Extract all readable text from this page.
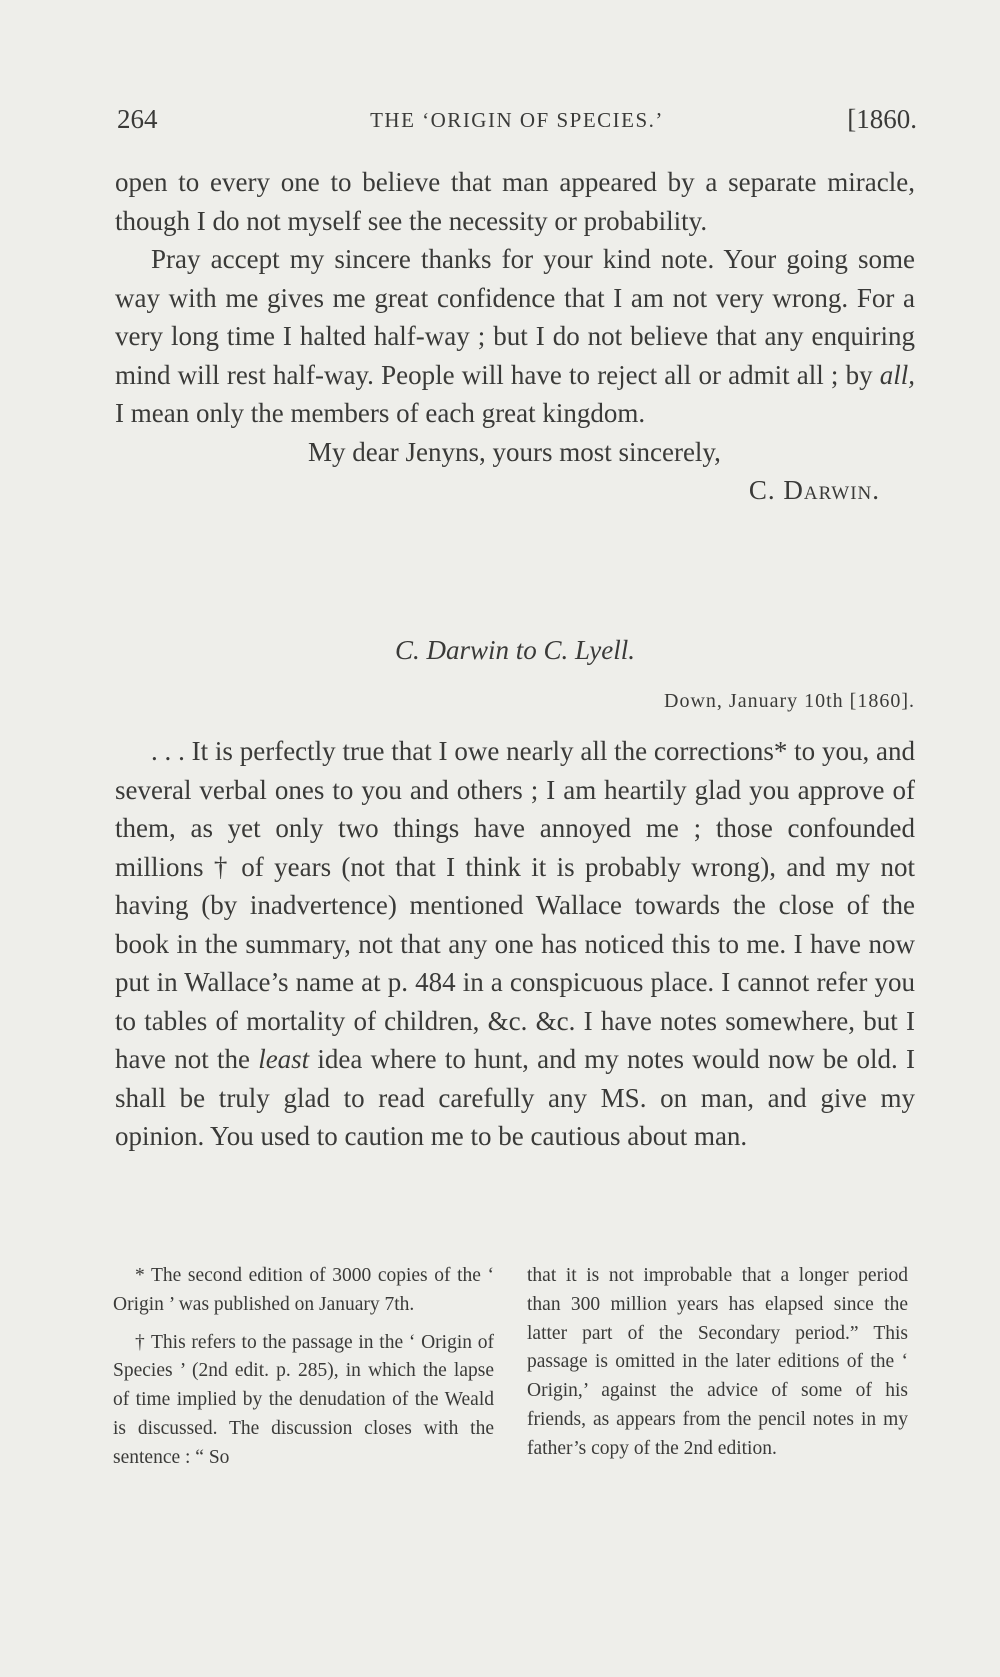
264	THE ‘ORIGIN OF SPECIES.’	[1860.

open to every one to believe that man appeared by a separate miracle, though I do not myself see the necessity or probability.

Pray accept my sincere thanks for your kind note. Your going some way with me gives me great confidence that I am not very wrong. For a very long time I halted half-way ; but I do not believe that any enquiring mind will rest half-way. People will have to reject all or admit all ; by all, I mean only the members of each great kingdom.

My dear Jenyns, yours most sincerely,

C. Darwin.

C. Darwin to C. Lyell.
Down, January 10th [1860].

. . . It is perfectly true that I owe nearly all the corrections* to you, and several verbal ones to you and others ; I am heartily glad you approve of them, as yet only two things have annoyed me ; those confounded millions † of years (not that I think it is probably wrong), and my not having (by inadvertence) mentioned Wallace towards the close of the book in the summary, not that any one has noticed this to me. I have now put in Wallace’s name at p. 484 in a conspicuous place. I cannot refer you to tables of mortality of children, &c. &c. I have notes somewhere, but I have not the least idea where to hunt, and my notes would now be old. I shall be truly glad to read carefully any MS. on man, and give my opinion. You used to caution me to be cautious about man.

* The second edition of 3000 copies of the ‘ Origin ’ was published on January 7th.

† This refers to the passage in the ‘ Origin of Species ’ (2nd edit. p. 285), in which the lapse of time implied by the denudation of the Weald is discussed. The discussion closes with the sentence : “ So

that it is not improbable that a longer period than 300 million years has elapsed since the latter part of the Secondary period.” This passage is omitted in the later editions of the ‘ Origin,’ against the advice of some of his friends, as appears from the pencil notes in my father’s copy of the 2nd edition.
